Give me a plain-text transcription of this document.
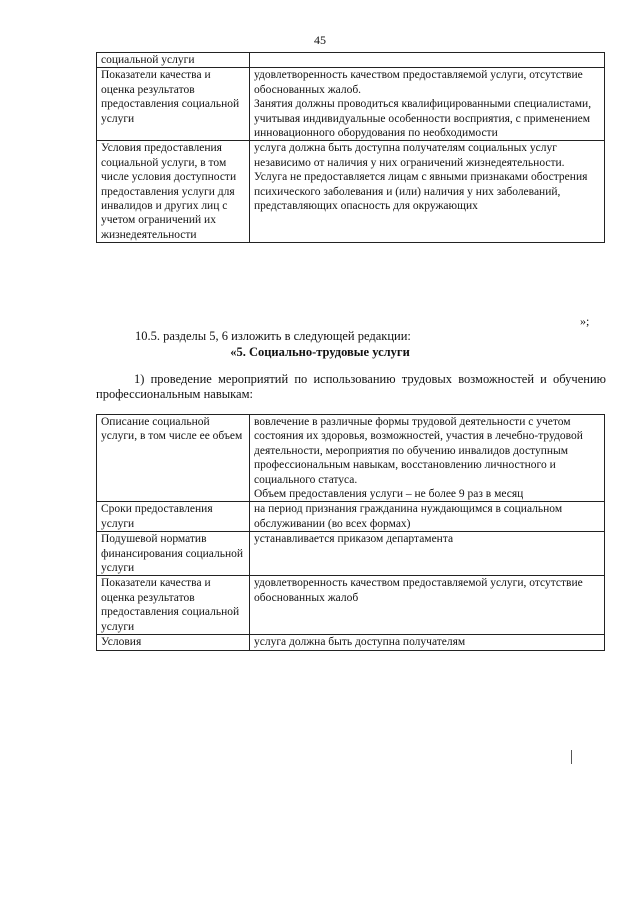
45
социальной услуги	
Показатели качества и оценка результатов предоставления социальной услуги	удовлетворенность качеством предоставляемой услуги, отсутствие обоснованных жалоб.
Занятия должны проводиться квалифицированными специалистами, учитывая индивидуальные особенности восприятия, с применением инновационного оборудования по необходимости

Условия предоставления социальной услуги, в том числе условия доступности предоставления услуги для инвалидов и других лиц с учетом ограничений их жизнедеятельности	услуга должна быть доступна получателям социальных услуг независимо от наличия у них ограничений жизнедеятельности.
Услуга не предоставляется лицам с явными признаками обострения психического заболевания и (или) наличия у них заболеваний, представляющих опасность для окружающих
»;
10.5. разделы 5, 6 изложить в следующей редакции:
«5. Социально-трудовые услуги
1) проведение мероприятий по использованию трудовых возможностей и обучению профессиональным навыкам:
Описание социальной услуги, в том числе ее объем	вовлечение в различные формы трудовой деятельности с учетом состояния их здоровья, возможностей, участия в лечебно-трудовой деятельности, мероприятия по обучению инвалидов доступным профессиональным навыкам, восстановлению личностного и социального статуса.
Объем предоставления услуги – не более 9 раз в месяц

Сроки предоставления услуги	на период признания гражданина нуждающимся в социальном обслуживании (во всех формах)

Подушевой норматив финансирования социальной услуги	устанавливается приказом департамента

Показатели качества и оценка результатов предоставления социальной услуги	удовлетворенность качеством предоставляемой услуги, отсутствие обоснованных жалоб

Условия	услуга должна быть доступна получателям
